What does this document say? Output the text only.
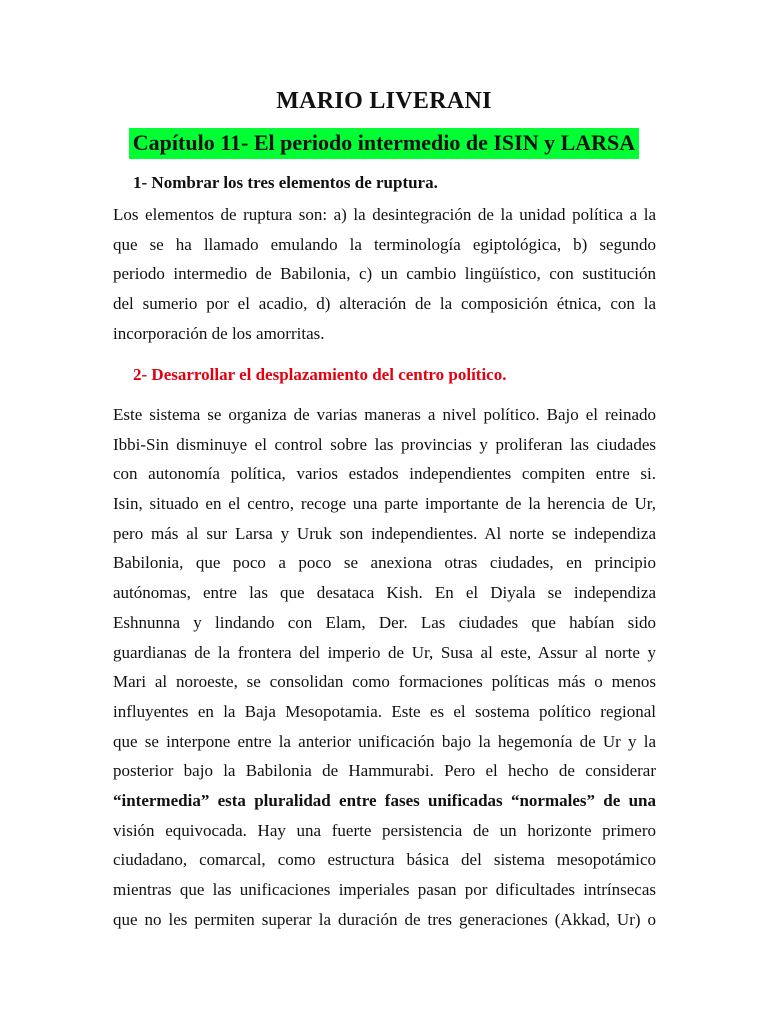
MARIO LIVERANI
Capítulo 11- El periodo intermedio de ISIN y LARSA
1- Nombrar los tres elementos de ruptura.
Los elementos de ruptura son: a) la desintegración de la unidad política a la
que se ha llamado emulando la terminología egiptológica, b) segundo
periodo intermedio de Babilonia, c) un cambio lingüístico, con sustitución
del sumerio por el acadio, d) alteración de la composición étnica, con la
incorporación de los amorritas.
2- Desarrollar el desplazamiento del centro político.
Este sistema se organiza de varias maneras a nivel político. Bajo el reinado
Ibbi-Sin disminuye el control sobre las provincias y proliferan las ciudades
con autonomía política, varios estados independientes compiten entre si.
Isin, situado en el centro, recoge una parte importante de la herencia de Ur,
pero más al sur Larsa y Uruk son independientes. Al norte se independiza
Babilonia, que poco a poco se anexiona otras ciudades, en principio
autónomas, entre las que desataca Kish. En el Diyala se independiza
Eshnunna y lindando con Elam, Der. Las ciudades que habían sido
guardianas de la frontera del imperio de Ur, Susa al este, Assur al norte y
Mari al noroeste, se consolidan como formaciones políticas más o menos
influyentes en la Baja Mesopotamia. Este es el sostema político regional
que se interpone entre la anterior unificación bajo la hegemonía de Ur y la
posterior bajo la Babilonia de Hammurabi. Pero el hecho de considerar
“intermedia” esta pluralidad entre fases unificadas “normales” de una
visión equivocada. Hay una fuerte persistencia de un horizonte primero
ciudadano, comarcal, como estructura básica del sistema mesopotámico
mientras que las unificaciones imperiales pasan por dificultades intrínsecas
que no les permiten superar la duración de tres generaciones (Akkad, Ur) o
